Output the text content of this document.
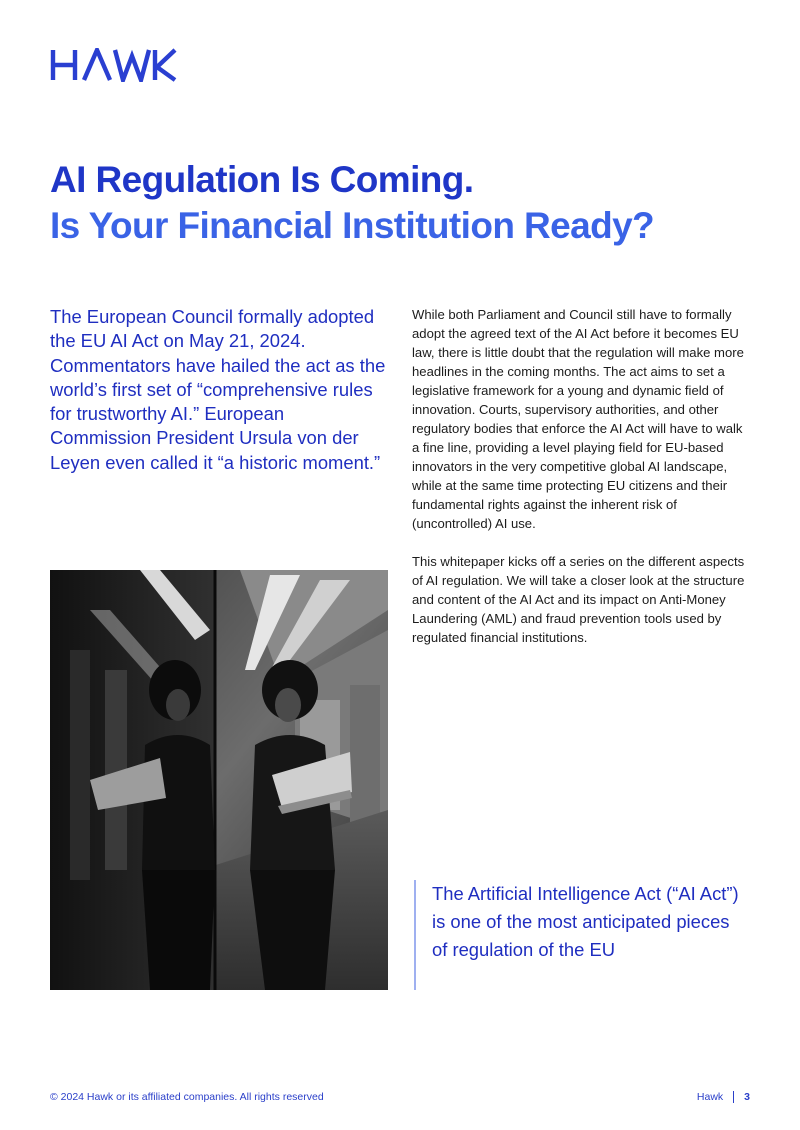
AI Regulation Is Coming.
Is Your Financial Institution Ready?

The European Council formally adopted the EU AI Act on May 21, 2024. Commentators have hailed the act as the world’s first set of “comprehensive rules for trustworthy AI.” European Commission President Ursula von der Leyen even called it “a historic moment.”

While both Parliament and Council still have to formally adopt the agreed text of the AI Act before it becomes EU law, there is little doubt that the regulation will make more headlines in the coming months. The act aims to set a legislative framework for a young and dynamic field of innovation. Courts, supervisory authorities, and other regulatory bodies that enforce the AI Act will have to walk a fine line, providing a level playing field for EU-based innovators in the very competitive global AI landscape, while at the same time protecting EU citizens and their fundamental rights against the inherent risk of (uncontrolled) AI use.

This whitepaper kicks off a series on the different aspects of AI regulation. We will take a closer look at the structure and content of the AI Act and its impact on Anti-Money Laundering (AML) and fraud prevention tools used by regulated financial institutions.

The Artificial Intelligence Act (“AI Act”) is one of the most anticipated pieces of regulation of the EU

© 2024 Hawk or its affiliated companies. All rights reserved	Hawk 3
